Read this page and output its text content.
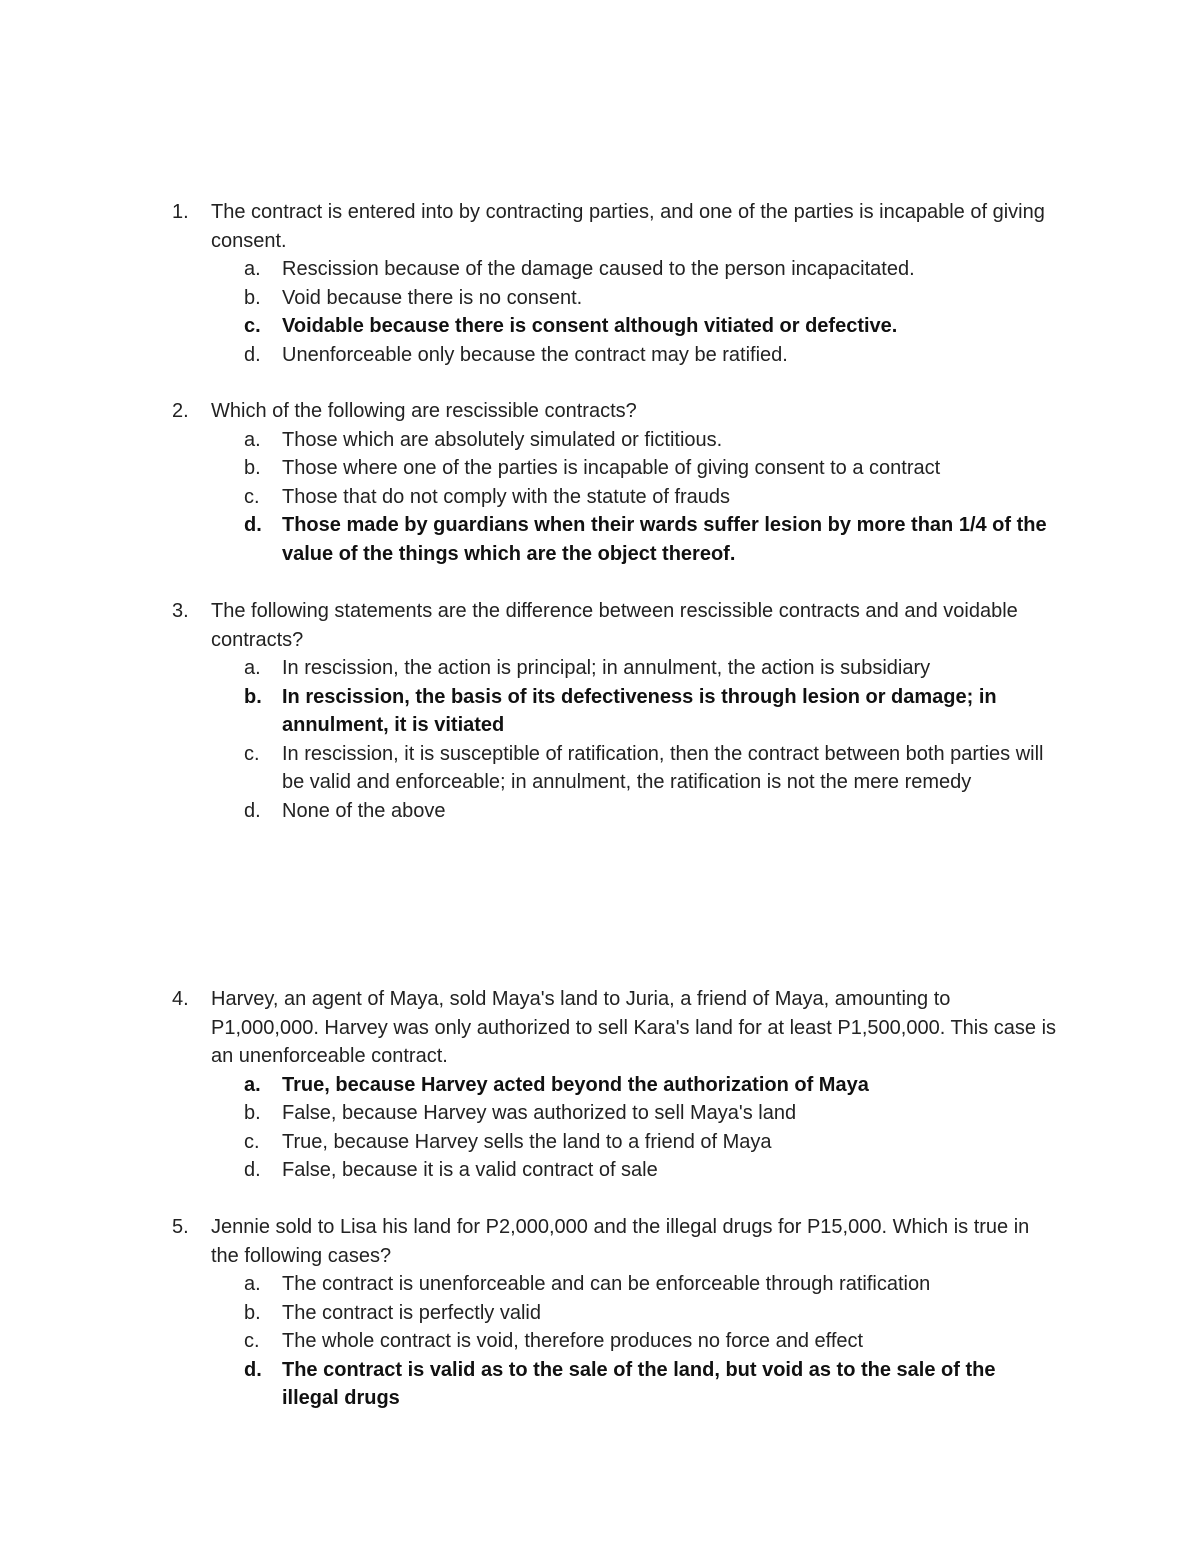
1.	The contract is entered into by contracting parties, and one of the parties is incapable of giving consent.
a.	Rescission because of the damage caused to the person incapacitated.
b.	Void because there is no consent.
c.	Voidable because there is consent although vitiated or defective.
d.	Unenforceable only because the contract may be ratified.
2.	Which of the following are rescissible contracts?
a.	Those which are absolutely simulated or fictitious.
b.	Those where one of the parties is incapable of giving consent to a contract
c.	Those that do not comply with the statute of frauds
d.	Those made by guardians when their wards suffer lesion by more than 1/4 of the value of the things which are the object thereof.
3.	The following statements are the difference between rescissible contracts and and voidable contracts?
a.	In rescission, the action is principal; in annulment, the action is subsidiary
b.	In rescission, the basis of its defectiveness is through lesion or damage; in annulment, it is vitiated
c.	In rescission, it is susceptible of ratification, then the contract between both parties will be valid and enforceable; in annulment, the ratification is not the mere remedy
d.	None of the above
4.	Harvey, an agent of Maya, sold Maya's land to Juria, a friend of Maya, amounting to P1,000,000. Harvey was only authorized to sell Kara's land for at least P1,500,000. This case is an unenforceable contract.
a.	True, because Harvey acted beyond the authorization of Maya
b.	False, because Harvey was authorized to sell Maya's land
c.	True, because Harvey sells the land to a friend of Maya
d.	False, because it is a valid contract of sale
5.	Jennie sold to Lisa his land for P2,000,000 and the illegal drugs for P15,000. Which is true in the following cases?
a.	The contract is unenforceable and can be enforceable through ratification
b.	The contract is perfectly valid
c.	The whole contract is void, therefore produces no force and effect
d.	The contract is valid as to the sale of the land, but void as to the sale of the illegal drugs
